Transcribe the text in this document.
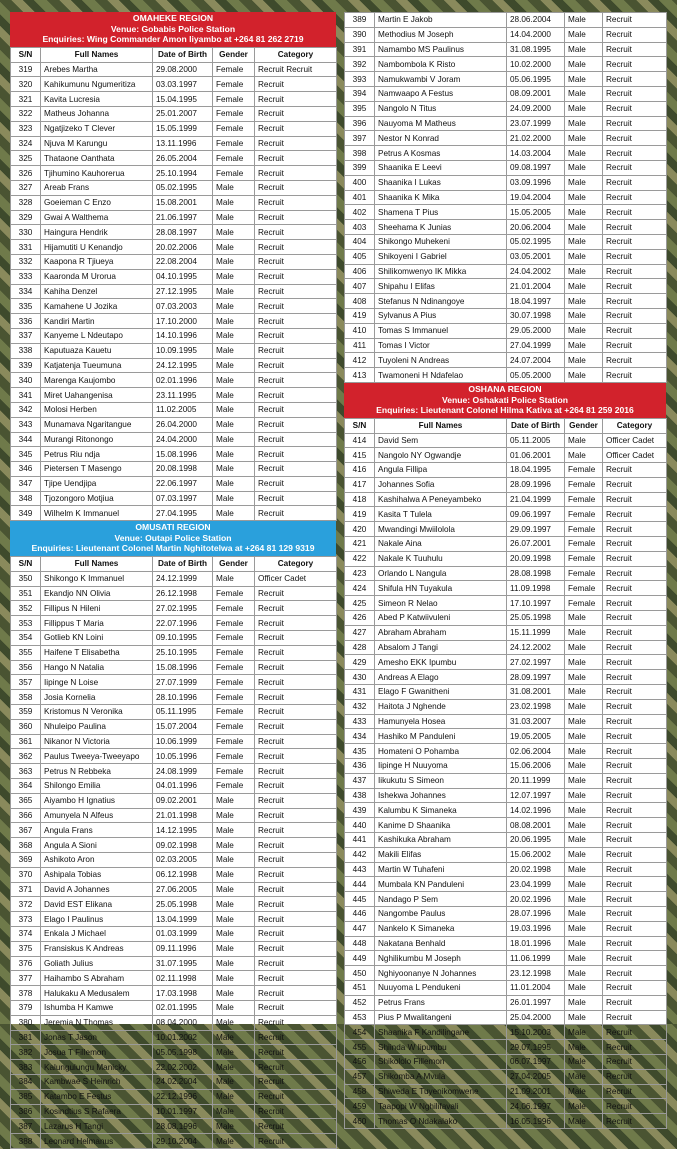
OMAHEKE REGION
Venue: Gobabis Police Station
Enquiries: Wing Commander Amon Iiyambo at +264 81 262 2719
S/N	Full Names	Date of Birth	Gender	Category
319	Arebes Martha	29.08.2000	Female	Recruit Recruit
320	Kahikumunu Ngumeritiza	03.03.1997	Female	Recruit
321	Kavita Lucresia	15.04.1995	Female	Recruit
322	Matheus Johanna	25.01.2007	Female	Recruit
323	Ngatjizeko T Clever	15.05.1999	Female	Recruit
324	Njuva M Karungu	13.11.1996	Female	Recruit
325	Thataone Oanthata	26.05.2004	Female	Recruit
326	Tjihumino Kauhorerua	25.10.1994	Female	Recruit
327	Areab Frans	05.02.1995	Male	Recruit
328	Goeieman C Enzo	15.08.2001	Male	Recruit
329	Gwai A Walthema	21.06.1997	Male	Recruit
330	Haingura Hendrik	28.08.1997	Male	Recruit
331	Hijamutiti U Kenandjo	20.02.2006	Male	Recruit
332	Kaapona R Tjiueya	22.08.2004	Male	Recruit
333	Kaaronda M Urorua	04.10.1995	Male	Recruit
334	Kahiha Denzel	27.12.1995	Male	Recruit
335	Kamahene U Jozika	07.03.2003	Male	Recruit
336	Kandiri Martin	17.10.2000	Male	Recruit
337	Kanyeme L Ndeutapo	14.10.1996	Male	Recruit
338	Kaputuaza Kauetu	10.09.1995	Male	Recruit
339	Katjatenja Tueumuna	24.12.1995	Male	Recruit
340	Marenga Kaujombo	02.01.1996	Male	Recruit
341	Miret Uahangenisa	23.11.1995	Male	Recruit
342	Molosi Herben	11.02.2005	Male	Recruit
343	Munamava Ngaritangue	26.04.2000	Male	Recruit
344	Murangi Ritonongo	24.04.2000	Male	Recruit
345	Petrus Riu ndja	15.08.1996	Male	Recruit
346	Pietersen T Masengo	20.08.1998	Male	Recruit
347	Tjipe Uendjipa	22.06.1997	Male	Recruit
348	Tjozongoro Motjiua	07.03.1997	Male	Recruit
349	Wilhelm K Immanuel	27.04.1995	Male	Recruit
OMUSATI REGION
Venue: Outapi Police Station
Enquiries: Lieutenant Colonel Martin Nghitotelwa at +264 81 129 9319
S/N	Full Names	Date of Birth	Gender	Category
350	Shikongo K Immanuel	24.12.1999	Male	Officer Cadet
351	Ekandjo NN Olivia	26.12.1998	Female	Recruit
352	Fillipus N Hileni	27.02.1995	Female	Recruit
353	Fillippus T Maria	22.07.1996	Female	Recruit
354	Gotlieb KN Loini	09.10.1995	Female	Recruit
355	Haifene T Elisabetha	25.10.1995	Female	Recruit
356	Hango N Natalia	15.08.1996	Female	Recruit
357	Iipinge N Loise	27.07.1999	Female	Recruit
358	Josia Kornelia	28.10.1996	Female	Recruit
359	Kristomus N Veronika	05.11.1995	Female	Recruit
360	Nhuleipo Paulina	15.07.2004	Female	Recruit
361	Nikanor N Victoria	10.06.1999	Female	Recruit
362	Paulus Tweeya-Tweeyapo	10.05.1996	Female	Recruit
363	Petrus N Rebbeka	24.08.1999	Female	Recruit
364	Shilongo Emilia	04.01.1996	Female	Recruit
365	Aiyambo H Ignatius	09.02.2001	Male	Recruit
366	Amunyela N Alfeus	21.01.1998	Male	Recruit
367	Angula Frans	14.12.1995	Male	Recruit
368	Angula A Sioni	09.02.1998	Male	Recruit
369	Ashikoto Aron	02.03.2005	Male	Recruit
370	Ashipala Tobias	06.12.1998	Male	Recruit
371	David A Johannes	27.06.2005	Male	Recruit
372	David EST Elikana	25.05.1998	Male	Recruit
373	Elago I Paulinus	13.04.1999	Male	Recruit
374	Enkala J Michael	01.03.1999	Male	Recruit
375	Fransiskus K Andreas	09.11.1996	Male	Recruit
376	Goliath Julius	31.07.1995	Male	Recruit
377	Haihambo S Abraham	02.11.1998	Male	Recruit
378	Halukaku A Medusalem	17.03.1998	Male	Recruit
379	Ishumba H Kamwe	02.01.1995	Male	Recruit
380	Jeremia N Thomas	08.04.2000	Male	Recruit
381	Jonas T Jason	10.01.2002	Male	Recruit
382	Josua T Fillemon	05.05.1998	Male	Recruit
383	Kalungulungu Manicky	22.02.2002	Male	Recruit
384	Kambwae S Heinrich	24.02.2004	Male	Recruit
385	Katambo E Festus	22.12.1996	Male	Recruit
386	Kosindtius S Rafaera	10.01.1997	Male	Recruit
387	Lazarus H Tangi	28.08.1996	Male	Recruit
388	Leonard Helmanus	29.10.2004	Male	Recruit
389	Martin E Jakob	28.06.2004	Male	Recruit
390	Methodius M Joseph	14.04.2000	Male	Recruit
391	Namambo MS Paulinus	31.08.1995	Male	Recruit
392	Nambombola K Risto	10.02.2000	Male	Recruit
393	Namukwambi V Joram	05.06.1995	Male	Recruit
394	Namwaapo A Festus	08.09.2001	Male	Recruit
395	Nangolo N Titus	24.09.2000	Male	Recruit
396	Nauyoma M Matheus	23.07.1999	Male	Recruit
397	Nestor N Konrad	21.02.2000	Male	Recruit
398	Petrus A Kosmas	14.03.2004	Male	Recruit
399	Shaanika E Leevi	09.08.1997	Male	Recruit
400	Shaanika I Lukas	03.09.1996	Male	Recruit
401	Shaanika K Mika	19.04.2004	Male	Recruit
402	Shamena T Pius	15.05.2005	Male	Recruit
403	Sheehama K Junias	20.06.2004	Male	Recruit
404	Shikongo Muhekeni	05.02.1995	Male	Recruit
405	Shikoyeni I Gabriel	03.05.2001	Male	Recruit
406	Shilikomwenyo IK Mikka	24.04.2002	Male	Recruit
407	Shipahu I Elifas	21.01.2004	Male	Recruit
408	Stefanus N Ndinangoye	18.04.1997	Male	Recruit
419	Sylvanus A Pius	30.07.1998	Male	Recruit
410	Tomas S Immanuel	29.05.2000	Male	Recruit
411	Tomas I Victor	27.04.1999	Male	Recruit
412	Tuyoleni N Andreas	24.07.2004	Male	Recruit
413	Twamoneni H Ndafelao	05.05.2000	Male	Recruit
OSHANA REGION
Venue: Oshakati Police Station
Enquiries: Lieutenant Colonel Hilma Kativa at +264 81 259 2016
S/N	Full Names	Date of Birth	Gender	Category
414	David Sem	05.11.2005	Male	Officer Cadet
415	Nangolo NY Ogwandje	01.06.2001	Male	Officer Cadet
416	Angula Fillipa	18.04.1995	Female	Recruit
417	Johannes Sofia	28.09.1996	Female	Recruit
418	Kashihalwa A Peneyambeko	21.04.1999	Female	Recruit
419	Kasita T Tulela	09.06.1997	Female	Recruit
420	Mwandingi Mwiilolola	29.09.1997	Female	Recruit
421	Nakale Aina	26.07.2001	Female	Recruit
422	Nakale K Tuuhulu	20.09.1998	Female	Recruit
423	Orlando L Nangula	28.08.1998	Female	Recruit
424	Shifula HN Tuyakula	11.09.1998	Female	Recruit
425	Simeon R Nelao	17.10.1997	Female	Recruit
426	Abed P Katwiivuleni	25.05.1998	Male	Recruit
427	Abraham Abraham	15.11.1999	Male	Recruit
428	Absalom J Tangi	24.12.2002	Male	Recruit
429	Amesho EKK Ipumbu	27.02.1997	Male	Recruit
430	Andreas A Elago	28.09.1997	Male	Recruit
431	Elago F Gwanitheni	31.08.2001	Male	Recruit
432	Haitota J Nghende	23.02.1998	Male	Recruit
433	Hamunyela Hosea	31.03.2007	Male	Recruit
434	Hashiko M Panduleni	19.05.2005	Male	Recruit
435	Homateni O Pohamba	02.06.2004	Male	Recruit
436	Iipinge H Nuuyoma	15.06.2006	Male	Recruit
437	Iikukutu S Simeon	20.11.1999	Male	Recruit
438	Ishekwa Johannes	12.07.1997	Male	Recruit
439	Kalumbu K Simaneka	14.02.1996	Male	Recruit
440	Kanime D Shaanika	08.08.2001	Male	Recruit
441	Kashikuka Abraham	20.06.1995	Male	Recruit
442	Makili Elifas	15.06.2002	Male	Recruit
443	Martin W Tuhafeni	20.02.1998	Male	Recruit
444	Mumbala KN Panduleni	23.04.1999	Male	Recruit
445	Nandago P Sem	20.02.1996	Male	Recruit
446	Nangombe Paulus	28.07.1996	Male	Recruit
447	Nankelo K Simaneka	19.03.1996	Male	Recruit
448	Nakatana Benhald	18.01.1996	Male	Recruit
449	Nghilikumbu M Joseph	11.06.1999	Male	Recruit
450	Nghiyoonanye N Johannes	23.12.1998	Male	Recruit
451	Nuuyoma L Pendukeni	11.01.2004	Male	Recruit
452	Petrus Frans	26.01.1997	Male	Recruit
453	Pius P Mwalitangeni	25.04.2000	Male	Recruit
454	Shaanika F Kandilingane	15.10.2003	Male	Recruit
455	Shiinda W Iipumbu	29.07.1995	Male	Recruit
456	Shikololo Fillemon	06.07.1997	Male	Recruit
457	Shikomba A Mvula	27.04.2005	Male	Recruit
458	Shiweda E Tuyenikomwene	21.09.2001	Male	Recruit
459	Taapopi W Nghilifavali	24.06.1997	Male	Recruit
460	Thomas O Ndakalako	16.05.1996	Male	Recruit
